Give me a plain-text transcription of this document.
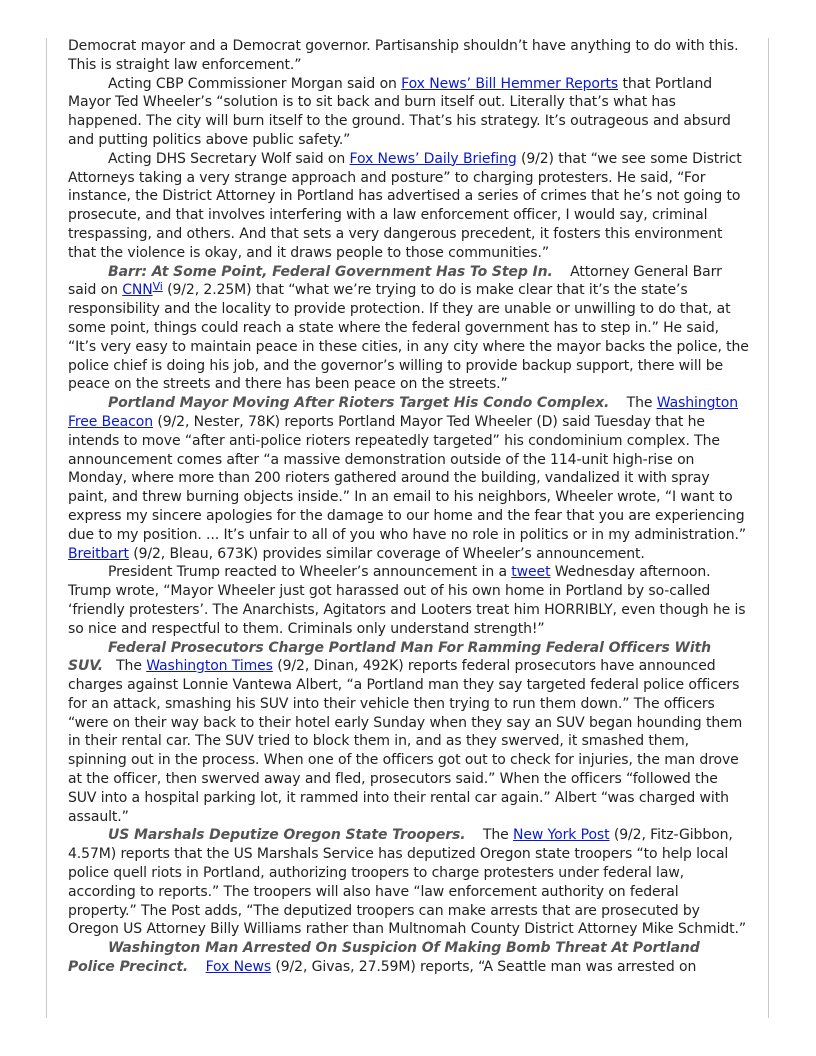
Democrat mayor and a Democrat governor. Partisanship shouldn’t have anything to do with this. This is straight law enforcement.”

Acting CBP Commissioner Morgan said on Fox News’ Bill Hemmer Reports that Portland Mayor Ted Wheeler’s “solution is to sit back and burn itself out. Literally that’s what has happened. The city will burn itself to the ground. That’s his strategy. It’s outrageous and absurd and putting politics above public safety.”

Acting DHS Secretary Wolf said on Fox News’ Daily Briefing (9/2) that “we see some District Attorneys taking a very strange approach and posture” to charging protesters. He said, “For instance, the District Attorney in Portland has advertised a series of crimes that he’s not going to prosecute, and that involves interfering with a law enforcement officer, I would say, criminal trespassing, and others. And that sets a very dangerous precedent, it fosters this environment that the violence is okay, and it draws people to those communities.”

Barr: At Some Point, Federal Government Has To Step In. Attorney General Barr said on $CNN^{Vi}$ (9/2, 2.25M) that “what we’re trying to do is make clear that it’s the state’s responsibility and the locality to provide protection. If they are unable or unwilling to do that, at some point, things could reach a state where the federal government has to step in.” He said, “It’s very easy to maintain peace in these cities, in any city where the mayor backs the police, the police chief is doing his job, and the governor’s willing to provide backup support, there will be peace on the streets and there has been peace on the streets.”

Portland Mayor Moving After Rioters Target His Condo Complex. The Washington Free Beacon (9/2, Nester, 78K) reports Portland Mayor Ted Wheeler (D) said Tuesday that he intends to move “after anti-police rioters repeatedly targeted” his condominium complex. The announcement comes after “a massive demonstration outside of the 114-unit high-rise on Monday, where more than 200 rioters gathered around the building, vandalized it with spray paint, and threw burning objects inside.” In an email to his neighbors, Wheeler wrote, “I want to express my sincere apologies for the damage to our home and the fear that you are experiencing due to my position. ... It’s unfair to all of you who have no role in politics or in my administration.” Breitbart (9/2, Bleau, 673K) provides similar coverage of Wheeler’s announcement.

President Trump reacted to Wheeler’s announcement in a tweet Wednesday afternoon. Trump wrote, “Mayor Wheeler just got harassed out of his own home in Portland by so-called ‘friendly protesters’. The Anarchists, Agitators and Looters treat him HORRIBLY, even though he is so nice and respectful to them. Criminals only understand strength!”

Federal Prosecutors Charge Portland Man For Ramming Federal Officers With SUV. The Washington Times (9/2, Dinan, 492K) reports federal prosecutors have announced charges against Lonnie Vantewa Albert, “a Portland man they say targeted federal police officers for an attack, smashing his SUV into their vehicle then trying to run them down.” The officers “were on their way back to their hotel early Sunday when they say an SUV began hounding them in their rental car. The SUV tried to block them in, and as they swerved, it smashed them, spinning out in the process. When one of the officers got out to check for injuries, the man drove at the officer, then swerved away and fled, prosecutors said.” When the officers “followed the SUV into a hospital parking lot, it rammed into their rental car again.” Albert “was charged with assault.”

US Marshals Deputize Oregon State Troopers. The New York Post (9/2, Fitz-Gibbon, 4.57M) reports that the US Marshals Service has deputized Oregon state troopers “to help local police quell riots in Portland, authorizing troopers to charge protesters under federal law, according to reports.” The troopers will also have “law enforcement authority on federal property.” The Post adds, “The deputized troopers can make arrests that are prosecuted by Oregon US Attorney Billy Williams rather than Multnomah County District Attorney Mike Schmidt.”

Washington Man Arrested On Suspicion Of Making Bomb Threat At Portland Police Precinct. Fox News (9/2, Givas, 27.59M) reports, “A Seattle man was arrested on
